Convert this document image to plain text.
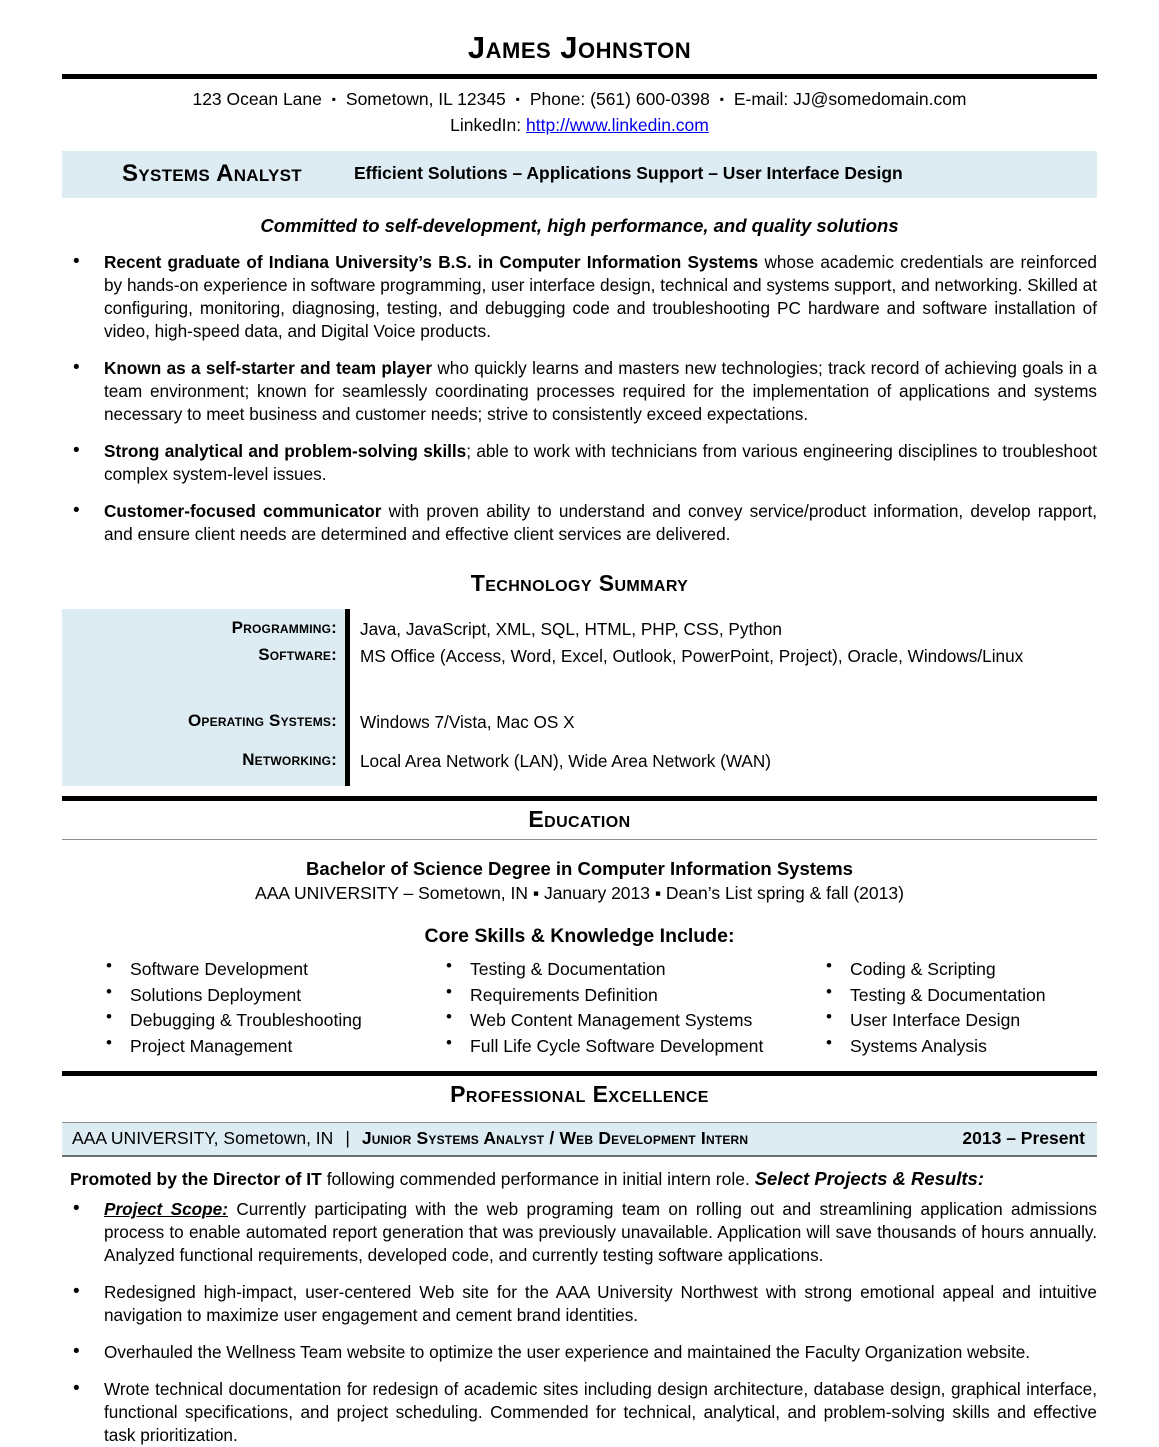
James Johnston
123 Ocean Lane ▪ Sometown, IL 12345 ▪ Phone: (561) 600-0398 ▪ E-mail: JJ@somedomain.com
LinkedIn: http://www.linkedin.com
Systems Analyst	Efficient Solutions – Applications Support – User Interface Design
Committed to self-development, high performance, and quality solutions
• Recent graduate of Indiana University’s B.S. in Computer Information Systems whose academic credentials are reinforced by hands-on experience in software programming, user interface design, technical and systems support, and networking. Skilled at configuring, monitoring, diagnosing, testing, and debugging code and troubleshooting PC hardware and software installation of video, high-speed data, and Digital Voice products.
• Known as a self-starter and team player who quickly learns and masters new technologies; track record of achieving goals in a team environment; known for seamlessly coordinating processes required for the implementation of applications and systems necessary to meet business and customer needs; strive to consistently exceed expectations.
• Strong analytical and problem-solving skills; able to work with technicians from various engineering disciplines to troubleshoot complex system-level issues.
• Customer-focused communicator with proven ability to understand and convey service/product information, develop rapport, and ensure client needs are determined and effective client services are delivered.
Technology Summary
Programming:
Software:
Operating Systems:
Networking:
Java, JavaScript, XML, SQL, HTML, PHP, CSS, Python
MS Office (Access, Word, Excel, Outlook, PowerPoint, Project), Oracle, Windows/Linux
Windows 7/Vista, Mac OS X
Local Area Network (LAN), Wide Area Network (WAN)
Education
Bachelor of Science Degree in Computer Information Systems
AAA UNIVERSITY – Sometown, IN ▪ January 2013 ▪ Dean’s List spring & fall (2013)
Core Skills & Knowledge Include:
• Software Development
• Solutions Deployment
• Debugging & Troubleshooting
• Project Management
• Testing & Documentation
• Requirements Definition
• Web Content Management Systems
• Full Life Cycle Software Development
• Coding & Scripting
• Testing & Documentation
• User Interface Design
• Systems Analysis
Professional Excellence
AAA UNIVERSITY, Sometown, IN | Junior Systems Analyst / Web Development Intern	2013 – Present
Promoted by the Director of IT following commended performance in initial intern role. Select Projects & Results:
• Project Scope: Currently participating with the web programing team on rolling out and streamlining application admissions process to enable automated report generation that was previously unavailable. Application will save thousands of hours annually. Analyzed functional requirements, developed code, and currently testing software applications.
• Redesigned high-impact, user-centered Web site for the AAA University Northwest with strong emotional appeal and intuitive navigation to maximize user engagement and cement brand identities.
• Overhauled the Wellness Team website to optimize the user experience and maintained the Faculty Organization website.
• Wrote technical documentation for redesign of academic sites including design architecture, database design, graphical interface, functional specifications, and project scheduling. Commended for technical, analytical, and problem-solving skills and effective task prioritization.
